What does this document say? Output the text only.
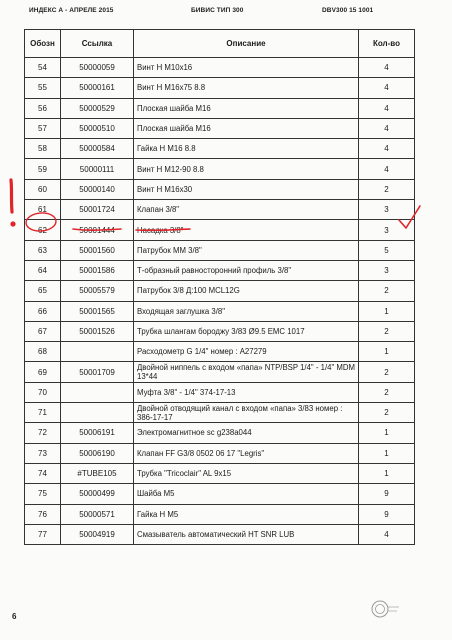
ИНДЕКС А - АПРЕЛЕ 2015	БИВИС ТИП 300	DBV300 15 1001
Обозн	Ссылка	Описание	Кол-во
54	50000059	Винт Н М10х16	4
55	50000161	Винт Н М16х75 8.8	4
56	50000529	Плоская шайба М16	4
57	50000510	Плоская шайба М16	4
58	50000584	Гайка Н М16 8.8	4
59	50000111	Винт Н М12-90 8.8	4
60	50000140	Винт Н М16х30	2
61	50001724	Клапан 3/8"	3
62	50001444	Насадка 3/8"	3
63	50001560	Патрубок ММ 3/8"	5
64	50001586	Т-образный равносторонний профиль 3/8"	3
65	50005579	Патрубок 3/8 Д:100 MCL12G	2
66	50001565	Входящая заглушка 3/8"	1
67	50001526	Трубка шлангам бороджу 3/83 Ø9.5 EMC 1017	2
68		Расходометр G 1/4" номер : A27279	1
69	50001709	Двойной ниппель с входом «папа» NTP/BSP 1/4" - 1/4" MDM 13*44	2
70		Муфта 3/8" - 1/4" 374-17-13	2
71		Двойной отводящий канал с входом «папа» 3/83 номер : 386-17-17	2
72	50006191	Электромагнитное sc g238a044	1
73	50006190	Клапан FF G3/8 0502 06 17 "Legris"	1
74	#TUBE105	Трубка "Tricoclair" AL 9x15	1
75	50000499	Шайба М5	9
76	50000571	Гайка Н М5	9
77	50004919	Смазыватель автоматический HT SNR LUB	4
6
